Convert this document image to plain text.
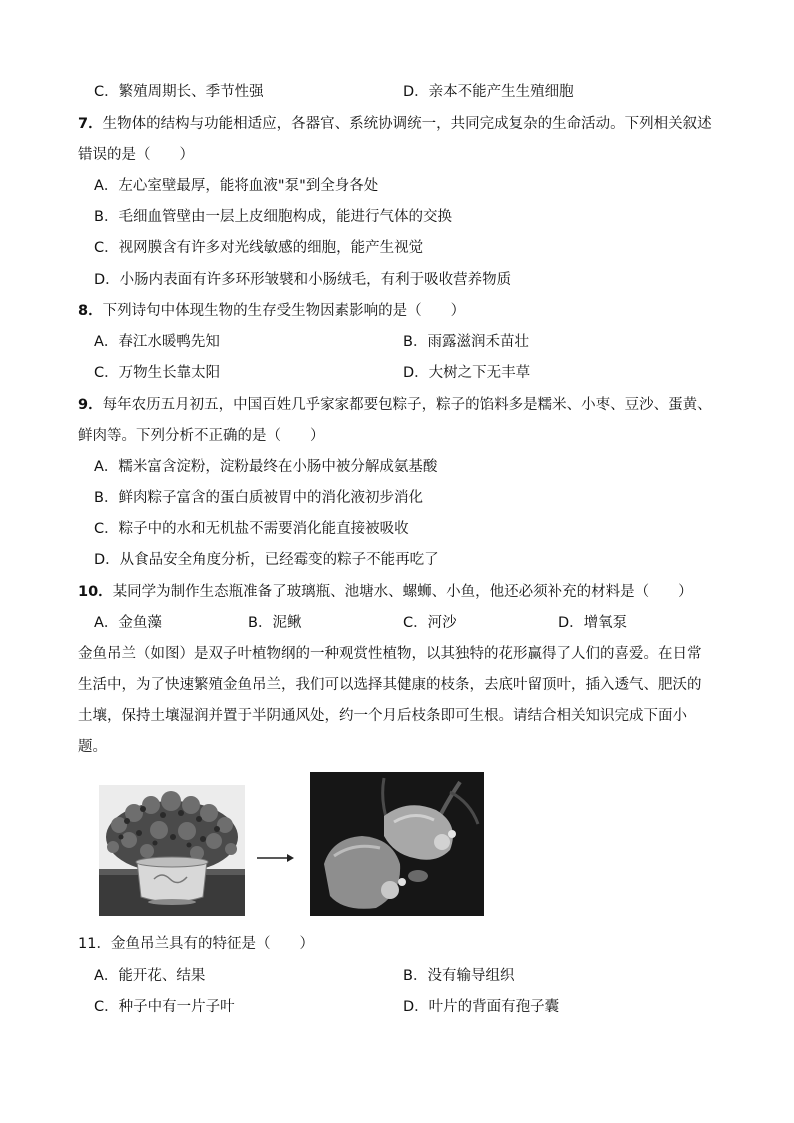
C．繁殖周期长、季节性强	D．亲本不能产生生殖细胞
7．生物体的结构与功能相适应，各器官、系统协调统一，共同完成复杂的生命活动。下列相关叙述
错误的是（　　）
A．左心室壁最厚，能将血液"泵"到全身各处
B．毛细血管壁由一层上皮细胞构成，能进行气体的交换
C．视网膜含有许多对光线敏感的细胞，能产生视觉
D．小肠内表面有许多环形皱襞和小肠绒毛，有利于吸收营养物质
8．下列诗句中体现生物的生存受生物因素影响的是（　　）
A．春江水暖鸭先知	B．雨露滋润禾苗壮
C．万物生长靠太阳	D．大树之下无丰草
9．每年农历五月初五，中国百姓几乎家家都要包粽子，粽子的馅料多是糯米、小枣、豆沙、蛋黄、
鲜肉等。下列分析不正确的是（　　）
A．糯米富含淀粉，淀粉最终在小肠中被分解成氨基酸
B．鲜肉粽子富含的蛋白质被胃中的消化液初步消化
C．粽子中的水和无机盐不需要消化能直接被吸收
D．从食品安全角度分析，已经霉变的粽子不能再吃了
10．某同学为制作生态瓶准备了玻璃瓶、池塘水、螺蛳、小鱼，他还必须补充的材料是（　　）
A．金鱼藻	B．泥鳅	C．河沙	D．增氧泵
金鱼吊兰（如图）是双子叶植物纲的一种观赏性植物，以其独特的花形赢得了人们的喜爱。在日常
生活中，为了快速繁殖金鱼吊兰，我们可以选择其健康的枝条，去底叶留顶叶，插入透气、肥沃的
土壤，保持土壤湿润并置于半阴通风处，约一个月后枝条即可生根。请结合相关知识完成下面小
题。
11．金鱼吊兰具有的特征是（　　）
A．能开花、结果	B．没有输导组织
C．种子中有一片子叶	D．叶片的背面有孢子囊
